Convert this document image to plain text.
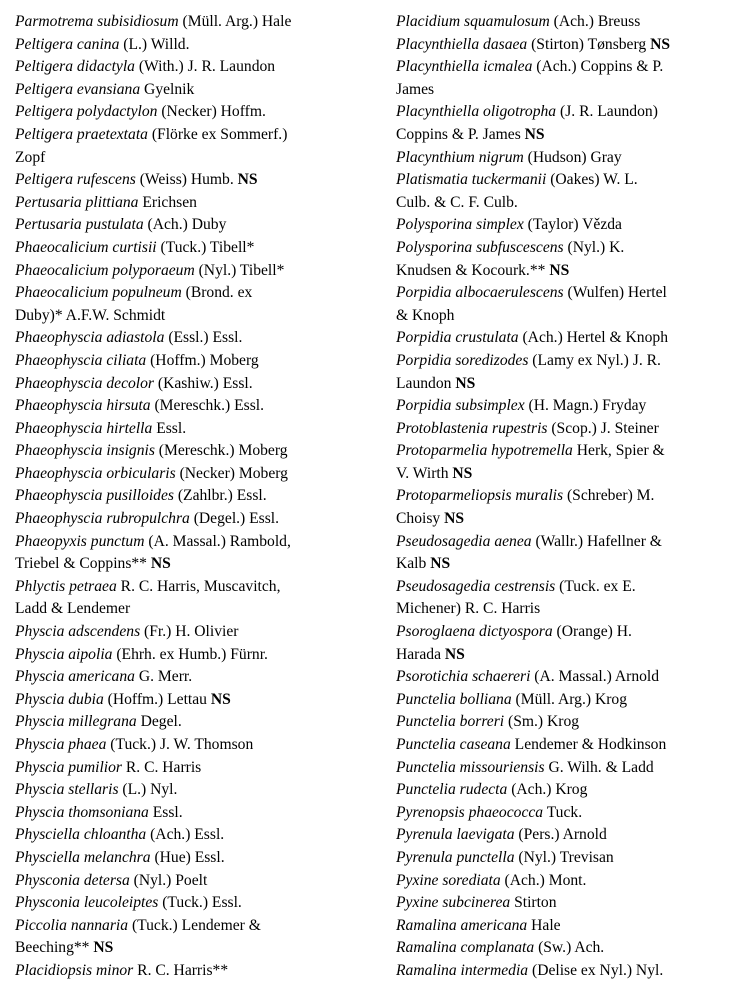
Parmotrema subisidiosum (Müll. Arg.) Hale
Peltigera canina (L.) Willd.
Peltigera didactyla (With.) J. R. Laundon
Peltigera evansiana Gyelnik
Peltigera polydactylon (Necker) Hoffm.
Peltigera praetextata (Flörke ex Sommerf.)
Zopf
Peltigera rufescens (Weiss) Humb. NS
Pertusaria plittiana Erichsen
Pertusaria pustulata (Ach.) Duby
Phaeocalicium curtisii (Tuck.) Tibell*
Phaeocalicium polyporaeum (Nyl.) Tibell*
Phaeocalicium populneum (Brond. ex
Duby)* A.F.W. Schmidt
Phaeophyscia adiastola (Essl.) Essl.
Phaeophyscia ciliata (Hoffm.) Moberg
Phaeophyscia decolor (Kashiw.) Essl.
Phaeophyscia hirsuta (Mereschk.) Essl.
Phaeophyscia hirtella Essl.
Phaeophyscia insignis (Mereschk.) Moberg
Phaeophyscia orbicularis (Necker) Moberg
Phaeophyscia pusilloides (Zahlbr.) Essl.
Phaeophyscia rubropulchra (Degel.) Essl.
Phaeopyxis punctum (A. Massal.) Rambold,
Triebel & Coppins** NS
Phlyctis petraea R. C. Harris, Muscavitch,
Ladd & Lendemer
Physcia adscendens (Fr.) H. Olivier
Physcia aipolia (Ehrh. ex Humb.) Fürnr.
Physcia americana G. Merr.
Physcia dubia (Hoffm.) Lettau NS
Physcia millegrana Degel.
Physcia phaea (Tuck.) J. W. Thomson
Physcia pumilior R. C. Harris
Physcia stellaris (L.) Nyl.
Physcia thomsoniana Essl.
Physciella chloantha (Ach.) Essl.
Physciella melanchra (Hue) Essl.
Physconia detersa (Nyl.) Poelt
Physconia leucoleiptes (Tuck.) Essl.
Piccolia nannaria (Tuck.) Lendemer &
Beeching** NS
Placidiopsis minor R. C. Harris**
Placidium squamulosum (Ach.) Breuss
Placynthiella dasaea (Stirton) Tønsberg NS
Placynthiella icmalea (Ach.) Coppins & P.
James
Placynthiella oligotropha (J. R. Laundon)
Coppins & P. James NS
Placynthium nigrum (Hudson) Gray
Platismatia tuckermanii (Oakes) W. L.
Culb. & C. F. Culb.
Polysporina simplex (Taylor) Vězda
Polysporina subfuscescens (Nyl.) K.
Knudsen & Kocourk.** NS
Porpidia albocaerulescens (Wulfen) Hertel
& Knoph
Porpidia crustulata (Ach.) Hertel & Knoph
Porpidia soredizodes (Lamy ex Nyl.) J. R.
Laundon NS
Porpidia subsimplex (H. Magn.) Fryday
Protoblastenia rupestris (Scop.) J. Steiner
Protoparmelia hypotremella Herk, Spier &
V. Wirth NS
Protoparmeliopsis muralis (Schreber) M.
Choisy NS
Pseudosagedia aenea (Wallr.) Hafellner &
Kalb NS
Pseudosagedia cestrensis (Tuck. ex E.
Michener) R. C. Harris
Psoroglaena dictyospora (Orange) H.
Harada NS
Psorotichia schaereri (A. Massal.) Arnold
Punctelia bolliana (Müll. Arg.) Krog
Punctelia borreri (Sm.) Krog
Punctelia caseana Lendemer & Hodkinson
Punctelia missouriensis G. Wilh. & Ladd
Punctelia rudecta (Ach.) Krog
Pyrenopsis phaeococca Tuck.
Pyrenula laevigata (Pers.) Arnold
Pyrenula punctella (Nyl.) Trevisan
Pyxine sorediata (Ach.) Mont.
Pyxine subcinerea Stirton
Ramalina americana Hale
Ramalina complanata (Sw.) Ach.
Ramalina intermedia (Delise ex Nyl.) Nyl.
